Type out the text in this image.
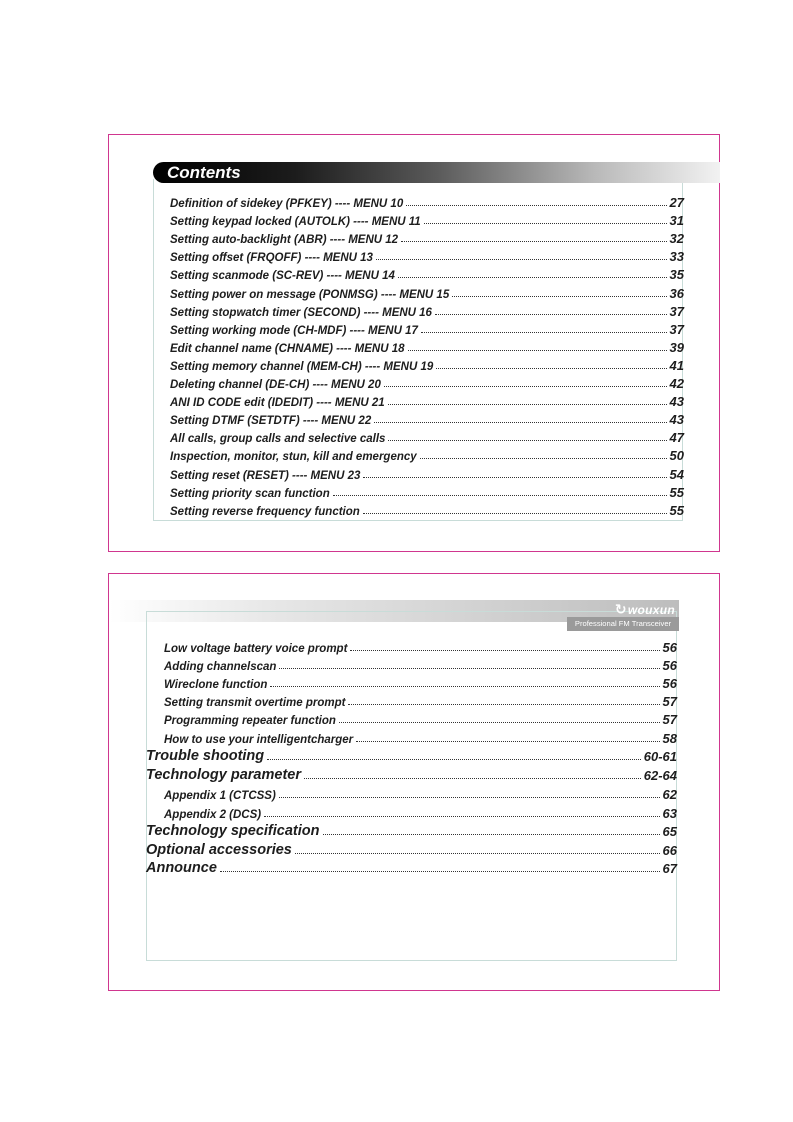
Contents
Definition of sidekey (PFKEY) ---- MENU 10	27
Setting keypad locked (AUTOLK) ---- MENU 11	31
Setting auto-backlight (ABR) ---- MENU 12	32
Setting offset (FRQOFF) ---- MENU 13	33
Setting scanmode (SC-REV) ---- MENU 14	35
Setting power on message (PONMSG) ---- MENU 15	36
Setting stopwatch timer (SECOND) ---- MENU 16	37
Setting working mode (CH-MDF) ---- MENU 17	37
Edit channel name (CHNAME) ---- MENU 18	39
Setting memory channel (MEM-CH) ---- MENU 19	41
Deleting channel (DE-CH) ---- MENU 20	42
ANI ID CODE edit (IDEDIT) ---- MENU 21	43
Setting DTMF (SETDTF) ---- MENU 22	43
All calls, group calls and selective calls	47
Inspection, monitor, stun, kill and emergency	50
Setting reset (RESET) ---- MENU 23	54
Setting priority scan function	55
Setting reverse frequency function	55
↻wouxun
Professional FM Transceiver
Low voltage battery voice prompt	56
Adding channelscan	56
Wireclone function	56
Setting transmit overtime prompt	57
Programming repeater function	57
How to use your intelligentcharger	58
Trouble shooting	60-61
Technology parameter	62-64
Appendix 1 (CTCSS)	62
Appendix 2 (DCS)	63
Technology specification	65
Optional accessories	66
Announce	67
